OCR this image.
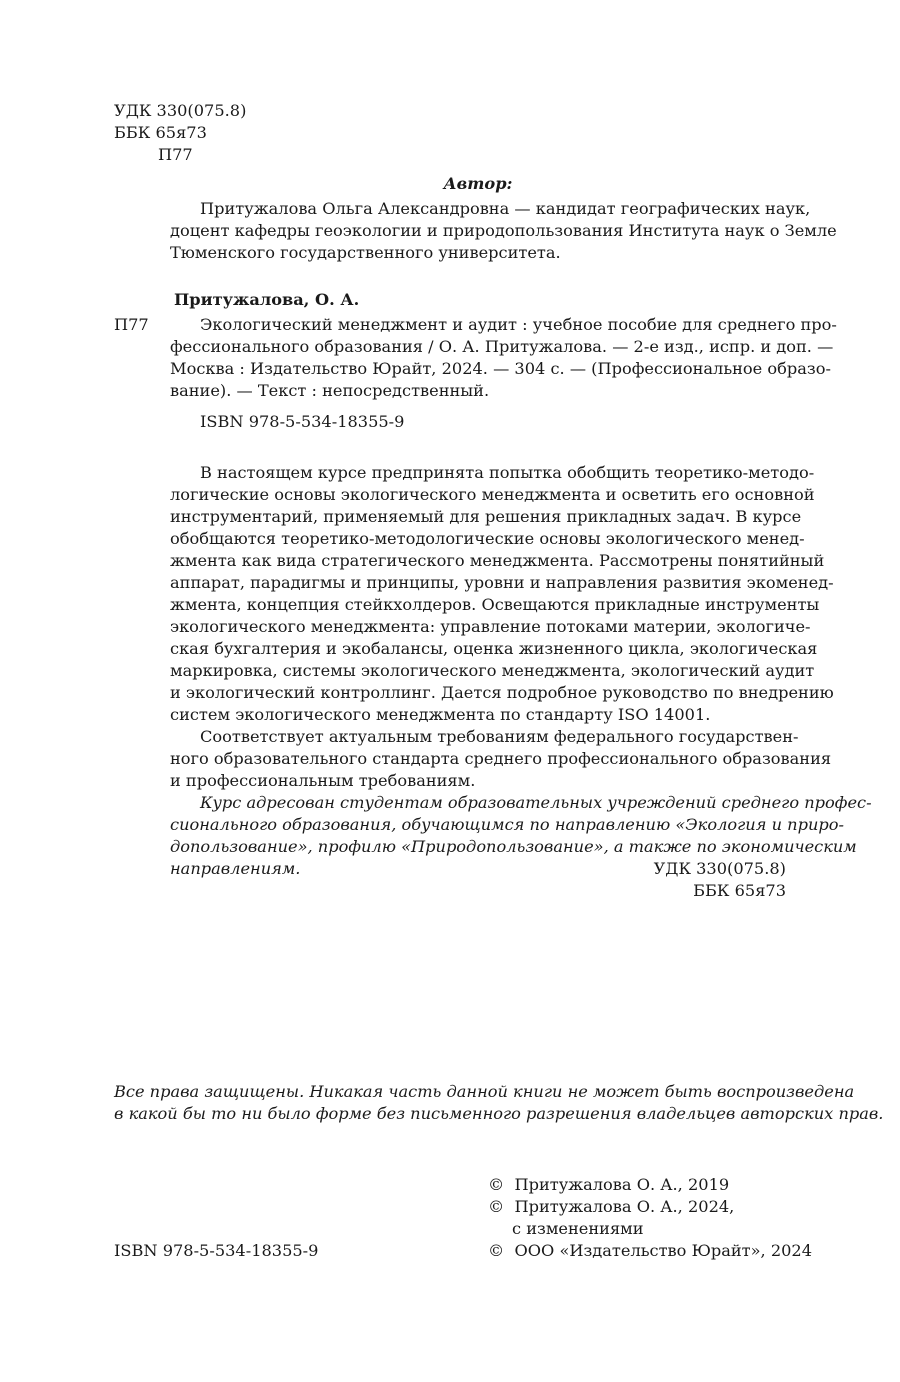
УДК 330(075.8)
ББК 65я73
П77
Автор:
Притужалова Ольга Александровна — кандидат географических наук,
доцент кафедры геоэкологии и природопользования Института наук о Земле
Тюменского государственного университета.
Притужалова, О. А.
П77	Экологический менеджмент и аудит : учебное пособие для среднего про-
фессионального образования / О. А. Притужалова. — 2-е изд., испр. и доп. —
Москва : Издательство Юрайт, 2024. — 304 с. — (Профессиональное образо-
вание). — Текст : непосредственный.
ISBN 978-5-534-18355-9
В настоящем курсе предпринята попытка обобщить теоретико-методо-
логические основы экологического менеджмента и осветить его основной
инструментарий, применяемый для решения прикладных задач. В курсе
обобщаются теоретико-методологические основы экологического менед-
жмента как вида стратегического менеджмента. Рассмотрены понятийный
аппарат, парадигмы и принципы, уровни и направления развития экоменед-
жмента, концепция стейкхолдеров. Освещаются прикладные инструменты
экологического менеджмента: управление потоками материи, экологиче-
ская бухгалтерия и экобалансы, оценка жизненного цикла, экологическая
маркировка, системы экологического менеджмента, экологический аудит
и экологический контроллинг. Дается подробное руководство по внедрению
систем экологического менеджмента по стандарту ISO 14001.
Соответствует актуальным требованиям федерального государствен-
ного образовательного стандарта среднего профессионального образования
и профессиональным требованиям.
Курс адресован студентам образовательных учреждений среднего профес-
сионального образования, обучающимся по направлению «Экология и приро-
допользование», профилю «Природопользование», а также по экономическим
направлениям.	УДК 330(075.8)
ББК 65я73
Все права защищены. Никакая часть данной книги не может быть воспроизведена
в какой бы то ни было форме без письменного разрешения владельцев авторских прав.
© Притужалова О. А., 2019
© Притужалова О. А., 2024,
с изменениями
© ООО «Издательство Юрайт», 2024
ISBN 978-5-534-18355-9
